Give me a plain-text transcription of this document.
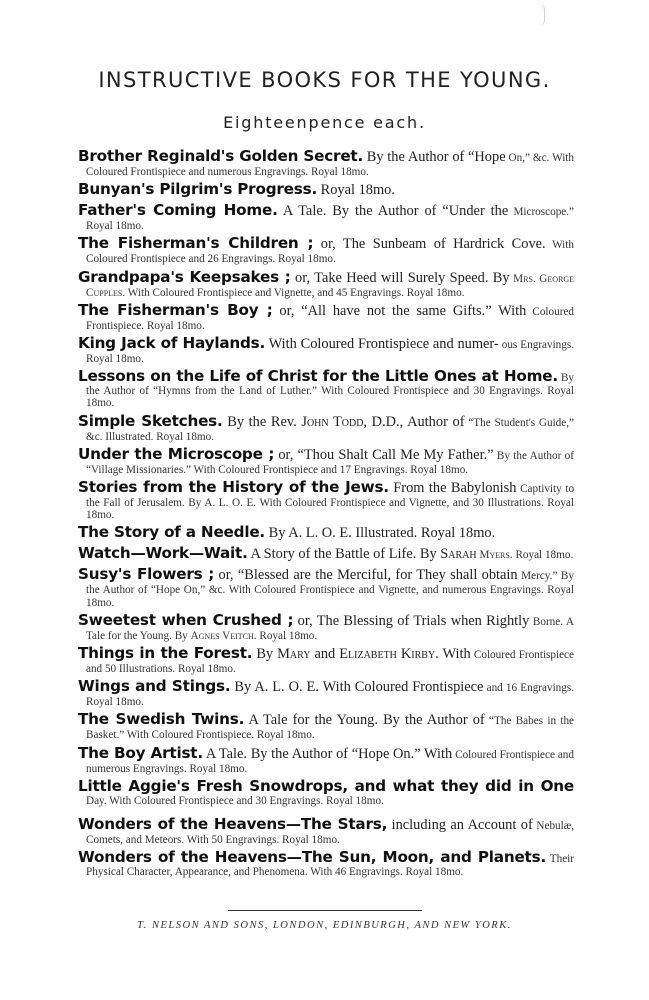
INSTRUCTIVE BOOKS FOR THE YOUNG.
Eighteenpence each.
Brother Reginald's Golden Secret. By the Author of “Hope On,” &c. With Coloured Frontispiece and numerous Engravings. Royal 18mo.
Bunyan's Pilgrim's Progress. Royal 18mo.
Father's Coming Home. A Tale. By the Author of “Under the Microscope.” Royal 18mo.
The Fisherman's Children ; or, The Sunbeam of Hardrick Cove. With Coloured Frontispiece and 26 Engravings. Royal 18mo.
Grandpapa's Keepsakes ; or, Take Heed will Surely Speed. By Mrs. George Cupples. With Coloured Frontispiece and Vignette, and 45 Engravings. Royal 18mo.
The Fisherman's Boy ; or, “All have not the same Gifts.” With Coloured Frontispiece. Royal 18mo.
King Jack of Haylands. With Coloured Frontispiece and numer- ous Engravings. Royal 18mo.
Lessons on the Life of Christ for the Little Ones at Home. By the Author of “Hymns from the Land of Luther.” With Coloured Frontispiece and 30 Engravings. Royal 18mo.
Simple Sketches. By the Rev. John Todd, D.D., Author of “The Student's Guide,” &c. Illustrated. Royal 18mo.
Under the Microscope ; or, “Thou Shalt Call Me My Father.” By the Author of “Village Missionaries.” With Coloured Frontispiece and 17 Engravings. Royal 18mo.
Stories from the History of the Jews. From the Babylonish Captivity to the Fall of Jerusalem. By A. L. O. E. With Coloured Frontispiece and Vignette, and 30 Illustrations. Royal 18mo.
The Story of a Needle. By A. L. O. E. Illustrated. Royal 18mo.
Watch—Work—Wait. A Story of the Battle of Life. By Sarah Myers. Royal 18mo.
Susy's Flowers ; or, “Blessed are the Merciful, for They shall obtain Mercy.” By the Author of “Hope On,” &c. With Coloured Frontispiece and Vignette, and numerous Engravings. Royal 18mo.
Sweetest when Crushed ; or, The Blessing of Trials when Rightly Borne. A Tale for the Young. By Agnes Veitch. Royal 18mo.
Things in the Forest. By Mary and Elizabeth Kirby. With Coloured Frontispiece and 50 Illustrations. Royal 18mo.
Wings and Stings. By A. L. O. E. With Coloured Frontispiece and 16 Engravings. Royal 18mo.
The Swedish Twins. A Tale for the Young. By the Author of “The Babes in the Basket.” With Coloured Frontispiece. Royal 18mo.
The Boy Artist. A Tale. By the Author of “Hope On.” With Coloured Frontispiece and numerous Engravings. Royal 18mo.
Little Aggie's Fresh Snowdrops, and what they did in One Day. With Coloured Frontispiece and 30 Engravings. Royal 18mo.
Wonders of the Heavens—The Stars, including an Account of Nebulæ, Comets, and Meteors. With 50 Engravings. Royal 18mo.
Wonders of the Heavens—The Sun, Moon, and Planets. Their Physical Character, Appearance, and Phenomena. With 46 Engravings. Royal 18mo.
T. NELSON AND SONS, LONDON, EDINBURGH, AND NEW YORK.
